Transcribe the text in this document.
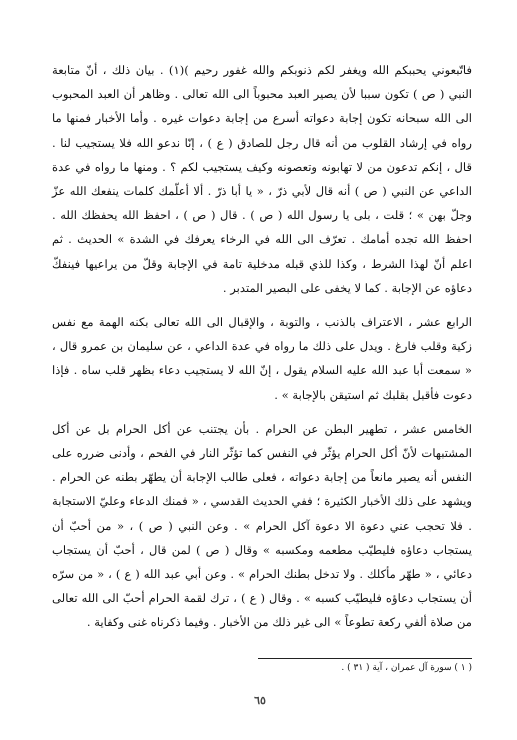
فاتّبعوني يحببكم الله ويغفر لكم ذنوبكم والله غفور رحيم )(١) . بيان ذلك ، أنّ متابعة النبي ( ص ) تكون سببا لأن يصير العبد محبوباً الى الله تعالى . وظاهر أن العبد المحبوب الى الله سبحانه تكون إجابة دعواته أسرع من إجابة دعوات غيره . وأما الأخبار فمنها ما رواه في إرشاد القلوب من أنه قال رجل للصادق ( ع ) ، إنّا ندعو الله فلا يستجيب لنا . قال ، إنكم تدعون من لا تهابونه وتعصونه وكيف يستجيب لكم ؟ . ومنها ما رواه في عدة الداعي عن النبي ( ص ) أنه قال لأبي ذرّ ، « يا أبا ذرّ . ألا أعلّمك كلمات ينفعك الله عزّ وجلّ بهن » ؛ قلت ، بلى يا رسول الله ( ص ) . قال ( ص ) ، احفظ الله يحفظك الله . احفظ الله تجده أمامك . تعرّف الى الله في الرخاء يعرفك في الشدة » الحديث . ثم اعلم أنّ لهذا الشرط ، وكذا للذي قبله مدخلية تامة في الإجابة وقلّ من يراعيها فينفكّ دعاؤه عن الإجابة . كما لا يخفى على البصير المتدبر .

الرابع عشر ، الاعتراف بالذنب ، والتوبة ، والإقبال الى الله تعالى بكنه الهمة مع نفس زكية وقلب فارغ . ويدل على ذلك ما رواه في عدة الداعي ، عن سليمان بن عمرو قال ، « سمعت أبا عبد الله عليه السلام يقول ، إنّ الله لا يستجيب دعاء بظهر قلب ساه . فإذا دعوت فأقبل بقلبك ثم استيقن بالإجابة » .

الخامس عشر ، تطهير البطن عن الحرام . بأن يجتنب عن أكل الحرام بل عن أكل المشتبهات لأنّ أكل الحرام يؤثّر في النفس كما تؤثّر النار في الفحم ، وأدنى ضرره على النفس أنه يصير مانعاً من إجابة دعواته ، فعلى طالب الإجابة أن يطهّر بطنه عن الحرام . ويشهد على ذلك الأخبار الكثيرة ؛ ففي الحديث القدسي ، « فمنك الدعاء وعليّ الاستجابة . فلا تحجب عني دعوة الا دعوة آكل الحرام » . وعن النبي ( ص ) ، « من أحبّ أن يستجاب دعاؤه فليطيّب مطعمه ومكسبه » وقال ( ص ) لمن قال ، أحبّ أن يستجاب دعائي ، « طهّر مأكلك . ولا تدخل بطنك الحرام » . وعن أبي عبد الله ( ع ) ، « من سرّه أن يستجاب دعاؤه فليطيّب كسبه » . وقال ( ع ) ، ترك لقمة الحرام أحبّ الى الله تعالى من صلاة ألفي ركعة تطوعاً » الى غير ذلك من الأخبار . وفيما ذكرناه غنى وكفاية .

( ١ ) سورة آل عمران ، آية ( ٣١ ) .
٦٥
